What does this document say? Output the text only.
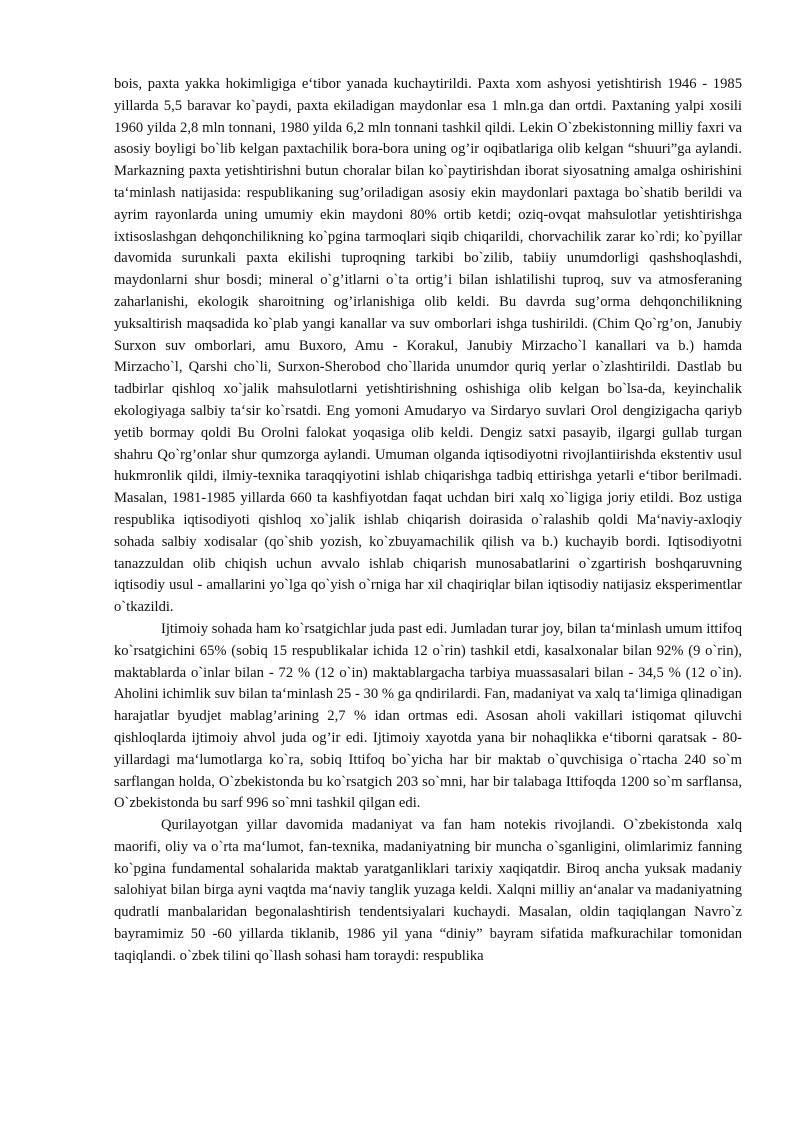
bois, paxta yakka hokimligiga e‘tibor yanada kuchaytirildi. Paxta xom ashyosi yetishtirish 1946 - 1985 yillarda 5,5 baravar ko`paydi, paxta ekiladigan maydonlar esa 1 mln.ga dan ortdi. Paxtaning yalpi xosili 1960 yilda 2,8 mln tonnani, 1980 yilda 6,2 mln tonnani tashkil qildi. Lekin O`zbekistonning milliy faxri va asosiy boyligi bo`lib kelgan paxtachilik bora-bora uning og’ir oqibatlariga olib kelgan “shuuri”ga aylandi. Markazning paxta yetishtirishni butun choralar bilan ko`paytirishdan iborat siyosatning amalga oshirishini ta‘minlash natijasida: respublikaning sug’oriladigan asosiy ekin maydonlari paxtaga bo`shatib berildi va ayrim rayonlarda uning umumiy ekin maydoni 80% ortib ketdi; oziq-ovqat mahsulotlar yetishtirishga ixtisoslashgan dehqonchilikning ko`pgina tarmoqlari siqib chiqarildi, chorvachilik zarar ko`rdi; ko`pyillar davomida surunkali paxta ekilishi tuproqning tarkibi bo`zilib, tabiiy unumdorligi qashshoqlashdi, maydonlarni shur bosdi; mineral o`g’itlarni o`ta ortig’i bilan ishlatilishi tuproq, suv va atmosferaning zaharlanishi, ekologik sharoitning og’irlanishiga olib keldi. Bu davrda sug’orma dehqonchilikning yuksaltirish maqsadida ko`plab yangi kanallar va suv omborlari ishga tushirildi. (Chim Qo`rg’on, Janubiy Surxon suv omborlari, amu Buxoro, Amu - Korakul, Janubiy Mirzacho`l kanallari va b.) hamda Mirzacho`l, Qarshi cho`li, Surxon-Sherobod cho`llarida unumdor quriq yerlar o`zlashtirildi. Dastlab bu tadbirlar qishloq xo`jalik mahsulotlarni yetishtirishning oshishiga olib kelgan bo`lsa-da, keyinchalik ekologiyaga salbiy ta‘sir ko`rsatdi. Eng yomoni Amudaryo va Sirdaryo suvlari Orol dengizigacha qariyb yetib bormay qoldi Bu Orolni falokat yoqasiga olib keldi. Dengiz satxi pasayib, ilgargi gullab turgan shahru Qo`rg’onlar shur qumzorga aylandi. Umuman olganda iqtisodiyotni rivojlantiirishda ekstentiv usul hukmronlik qildi, ilmiy-texnika taraqqiyotini ishlab chiqarishga tadbiq ettirishga yetarli e‘tibor berilmadi. Masalan, 1981-1985 yillarda 660 ta kashfiyotdan faqat uchdan biri xalq xo`ligiga joriy etildi. Boz ustiga respublika iqtisodiyoti qishloq xo`jalik ishlab chiqarish doirasida o`ralashib qoldi Ma‘naviy-axloqiy sohada salbiy xodisalar (qo`shib yozish, ko`zbuyamachilik qilish va b.) kuchayib bordi. Iqtisodiyotni tanazzuldan olib chiqish uchun avvalo ishlab chiqarish munosabatlarini o`zgartirish boshqaruvning iqtisodiy usul - amallarini yo`lga qo`yish o`rniga har xil chaqiriqlar bilan iqtisodiy natijasiz eksperimentlar o`tkazildi.

Ijtimoiy sohada ham ko`rsatgichlar juda past edi. Jumladan turar joy, bilan ta‘minlash umum ittifoq ko`rsatgichini 65% (sobiq 15 respublikalar ichida 12 o`rin) tashkil etdi, kasalxonalar bilan 92% (9 o`rin), maktablarda o`inlar bilan - 72 % (12 o`in) maktablargacha tarbiya muassasalari bilan - 34,5 % (12 o`in). Aholini ichimlik suv bilan ta‘minlash 25 - 30 % ga qndirilardi. Fan, madaniyat va xalq ta‘limiga qlinadigan harajatlar byudjet mablag’arining 2,7 % idan ortmas edi. Asosan aholi vakillari istiqomat qiluvchi qishloqlarda ijtimoiy ahvol juda og’ir edi. Ijtimoiy xayotda yana bir nohaqlikka e‘tiborni qaratsak - 80-yillardagi ma‘lumotlarga ko`ra, sobiq Ittifoq bo`yicha har bir maktab o`quvchisiga o`rtacha 240 so`m sarflangan holda, O`zbekistonda bu ko`rsatgich 203 so`mni, har bir talabaga Ittifoqda 1200 so`m sarflansa, O`zbekistonda bu sarf 996 so`mni tashkil qilgan edi.

Qurilayotgan yillar davomida madaniyat va fan ham notekis rivojlandi. O`zbekistonda xalq maorifi, oliy va o`rta ma‘lumot, fan-texnika, madaniyatning bir muncha o`sganligini, olimlarimiz fanning ko`pgina fundamental sohalarida maktab yaratganliklari tarixiy xaqiqatdir. Biroq ancha yuksak madaniy salohiyat bilan birga ayni vaqtda ma‘naviy tanglik yuzaga keldi. Xalqni milliy an‘analar va madaniyatning qudratli manbalaridan begonalashtirish tendentsiyalari kuchaydi. Masalan, oldin taqiqlangan Navro`z bayramimiz 50 -60 yillarda tiklanib, 1986 yil yana “diniy” bayram sifatida mafkurachilar tomonidan taqiqlandi. o`zbek tilini qo`llash sohasi ham toraydi: respublika
